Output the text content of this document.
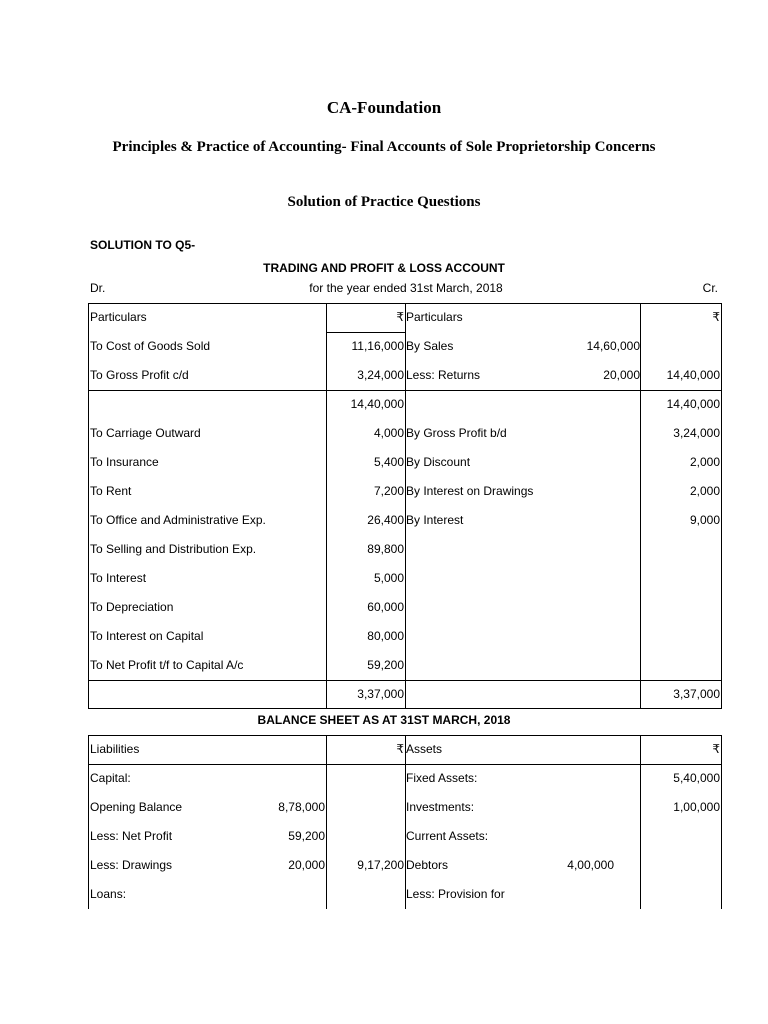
CA-Foundation
Principles & Practice of Accounting- Final Accounts of Sole Proprietorship Concerns
Solution of Practice Questions
SOLUTION TO Q5-
TRADING AND PROFIT & LOSS ACCOUNT
Dr.	for the year ended 31st March, 2018	Cr.
Particulars	₹ Particulars	₹
To Cost of Goods Sold	11,16,000 By Sales	14,60,000
To Gross Profit c/d	3,24,000 Less: Returns	20,000 14,40,000
14,40,000	14,40,000
To Carriage Outward	4,000 By Gross Profit b/d	3,24,000
To Insurance	5,400 By Discount	2,000
To Rent	7,200 By Interest on Drawings	2,000
To Office and Administrative Exp.	26,400 By Interest	9,000
To Selling and Distribution Exp.	89,800
To Interest	5,000
To Depreciation	60,000
To Interest on Capital	80,000
To Net Profit t/f to Capital A/c	59,200
3,37,000	3,37,000
BALANCE SHEET AS AT 31ST MARCH, 2018
Liabilities	₹ Assets	₹
Capital:	Fixed Assets:	5,40,000
Opening Balance	8,78,000	Investments:	1,00,000
Less: Net Profit	59,200	Current Assets:
Less: Drawings	20,000	9,17,200 Debtors	4,00,000
Loans:	Less: Provision for
